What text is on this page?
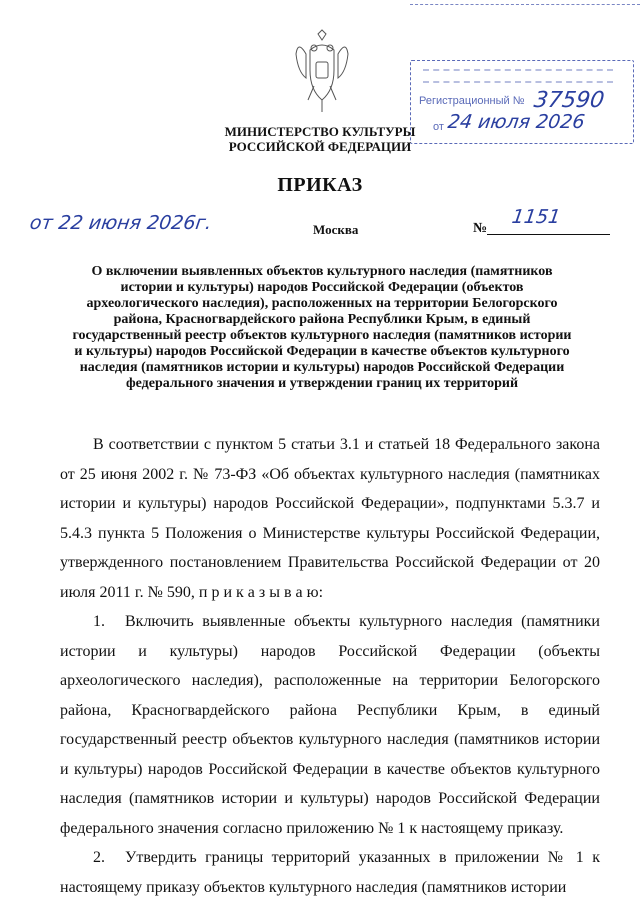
Регистрационный №
от
37590
24 июля 2026
МИНИСТЕРСТВО КУЛЬТУРЫ
РОССИЙСКОЙ ФЕДЕРАЦИИ
ПРИКАЗ
от 22 июня 2026г.	Москва	№
1151
О включении выявленных объектов культурного наследия (памятников истории и культуры) народов Российской Федерации (объектов археологического наследия), расположенных на территории Белогорского района, Красногвардейского района Республики Крым, в единый государственный реестр объектов культурного наследия (памятников истории и культуры) народов Российской Федерации в качестве объектов культурного наследия (памятников истории и культуры) народов Российской Федерации федерального значения и утверждении границ их территорий

В соответствии с пунктом 5 статьи 3.1 и статьей 18 Федерального закона от 25 июня 2002 г. № 73-ФЗ «Об объектах культурного наследия (памятниках истории и культуры) народов Российской Федерации», подпунктами 5.3.7 и 5.4.3 пункта 5 Положения о Министерстве культуры Российской Федерации, утвержденного постановлением Правительства Российской Федерации от 20 июля 2011 г. № 590, п р и к а з ы в а ю:

1. Включить выявленные объекты культурного наследия (памятники истории и культуры) народов Российской Федерации (объекты археологического наследия), расположенные на территории Белогорского района, Красногвардейского района Республики Крым, в единый государственный реестр объектов культурного наследия (памятников истории и культуры) народов Российской Федерации в качестве объектов культурного наследия (памятников истории и культуры) народов Российской Федерации федерального значения согласно приложению № 1 к настоящему приказу.

2. Утвердить границы территорий указанных в приложении № 1 к настоящему приказу объектов культурного наследия (памятников истории
